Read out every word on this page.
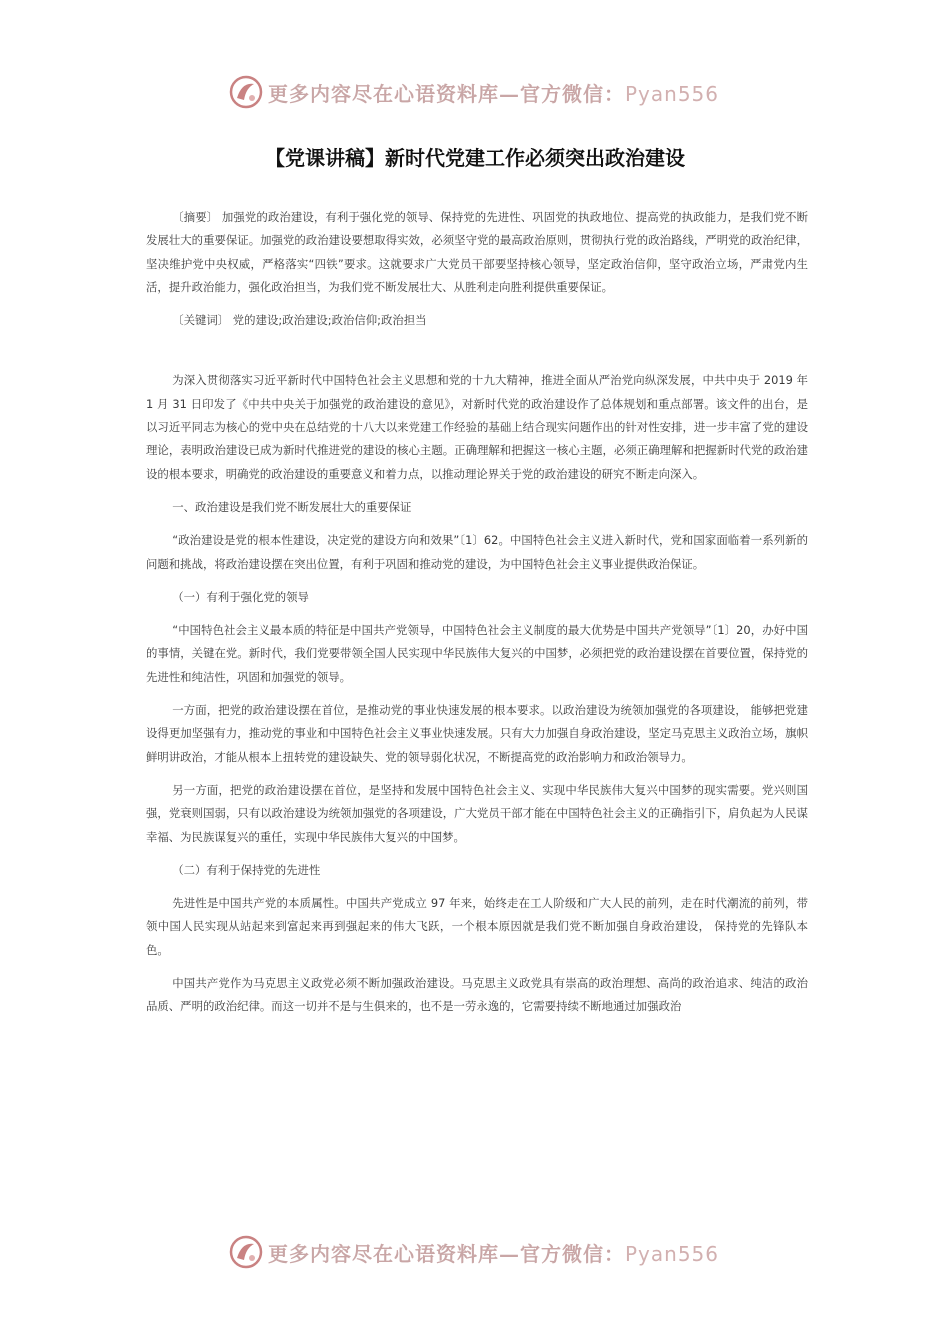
更多内容尽在心语资料库—官方微信：Pyan556
【党课讲稿】新时代党建工作必须突出政治建设

〔摘要〕 加强党的政治建设，有利于强化党的领导、保持党的先进性、巩固党的执政地位、提高党的执政能力，是我们党不断发展壮大的重要保证。加强党的政治建设要想取得实效，必须坚守党的最高政治原则，贯彻执行党的政治路线，严明党的政治纪律，坚决维护党中央权威，严格落实“四铁”要求。这就要求广大党员干部要坚持核心领导，坚定政治信仰，坚守政治立场，严肃党内生活，提升政治能力，强化政治担当，为我们党不断发展壮大、从胜利走向胜利提供重要保证。

〔关键词〕 党的建设;政治建设;政治信仰;政治担当

为深入贯彻落实习近平新时代中国特色社会主义思想和党的十九大精神，推进全面从严治党向纵深发展，中共中央于 2019 年 1 月 31 日印发了《中共中央关于加强党的政治建设的意见》，对新时代党的政治建设作了总体规划和重点部署。该文件的出台，是以习近平同志为核心的党中央在总结党的十八大以来党建工作经验的基础上结合现实问题作出的针对性安排，进一步丰富了党的建设理论，表明政治建设已成为新时代推进党的建设的核心主题。正确理解和把握这一核心主题，必须正确理解和把握新时代党的政治建设的根本要求，明确党的政治建设的重要意义和着力点，以推动理论界关于党的政治建设的研究不断走向深入。

一、政治建设是我们党不断发展壮大的重要保证

“政治建设是党的根本性建设，决定党的建设方向和效果”〔1〕62。中国特色社会主义进入新时代，党和国家面临着一系列新的问题和挑战，将政治建设摆在突出位置，有利于巩固和推动党的建设，为中国特色社会主义事业提供政治保证。

（一）有利于强化党的领导

“中国特色社会主义最本质的特征是中国共产党领导，中国特色社会主义制度的最大优势是中国共产党领导”〔1〕20，办好中国的事情，关键在党。新时代，我们党要带领全国人民实现中华民族伟大复兴的中国梦，必须把党的政治建设摆在首要位置，保持党的先进性和纯洁性，巩固和加强党的领导。

一方面，把党的政治建设摆在首位，是推动党的事业快速发展的根本要求。以政治建设为统领加强党的各项建设， 能够把党建设得更加坚强有力，推动党的事业和中国特色社会主义事业快速发展。只有大力加强自身政治建设，坚定马克思主义政治立场，旗帜鲜明讲政治，才能从根本上扭转党的建设缺失、党的领导弱化状况，不断提高党的政治影响力和政治领导力。

另一方面，把党的政治建设摆在首位，是坚持和发展中国特色社会主义、实现中华民族伟大复兴中国梦的现实需要。党兴则国强，党衰则国弱，只有以政治建设为统领加强党的各项建设，广大党员干部才能在中国特色社会主义的正确指引下，肩负起为人民谋幸福、为民族谋复兴的重任，实现中华民族伟大复兴的中国梦。

（二）有利于保持党的先进性

先进性是中国共产党的本质属性。中国共产党成立 97 年来，始终走在工人阶级和广大人民的前列，走在时代潮流的前列，带领中国人民实现从站起来到富起来再到强起来的伟大飞跃，一个根本原因就是我们党不断加强自身政治建设， 保持党的先锋队本色。

中国共产党作为马克思主义政党必须不断加强政治建设。马克思主义政党具有崇高的政治理想、高尚的政治追求、纯洁的政治品质、严明的政治纪律。而这一切并不是与生俱来的，也不是一劳永逸的，它需要持续不断地通过加强政治

更多内容尽在心语资料库—官方微信：Pyan556
